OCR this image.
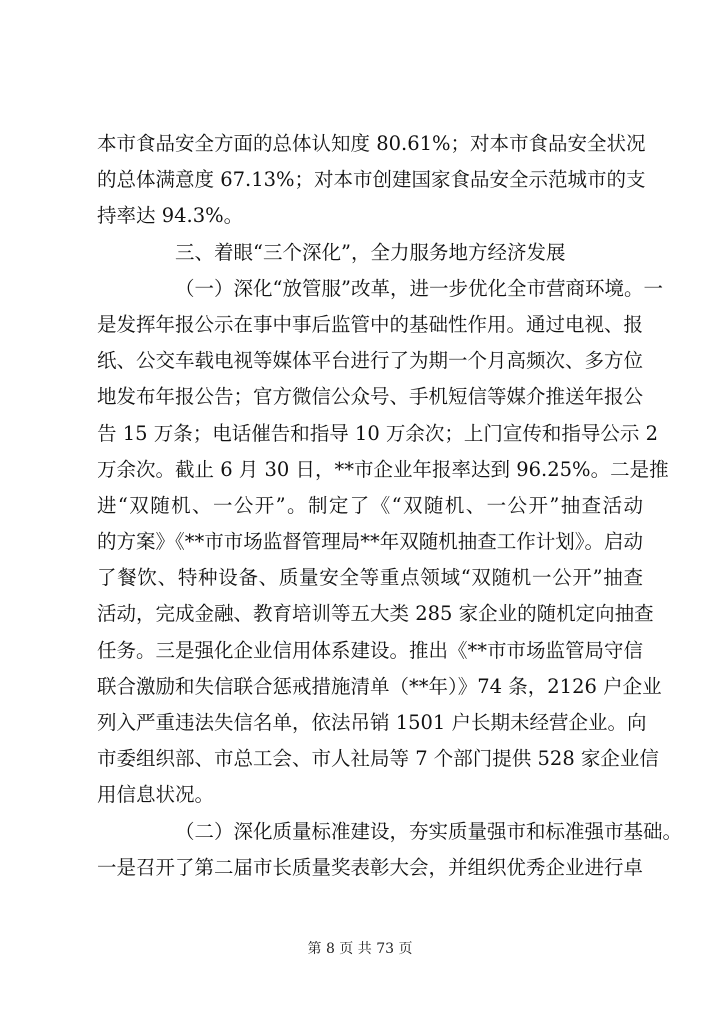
本市食品安全方面的总体认知度 80.61%；对本市食品安全状况
的总体满意度 67.13%；对本市创建国家食品安全示范城市的支
持率达 94.3%。
三、着眼“三个深化”，全力服务地方经济发展
（一）深化“放管服”改革，进一步优化全市营商环境。一
是发挥年报公示在事中事后监管中的基础性作用。通过电视、报
纸、公交车载电视等媒体平台进行了为期一个月高频次、多方位
地发布年报公告；官方微信公众号、手机短信等媒介推送年报公
告 15 万条；电话催告和指导 10 万余次；上门宣传和指导公示 2
万余次。截止 6 月 30 日，**市企业年报率达到 96.25%。二是推
进“双随机、一公开”。制定了《“双随机、一公开”抽查活动
的方案》《**市市场监督管理局**年双随机抽查工作计划》。启动
了餐饮、特种设备、质量安全等重点领域“双随机一公开”抽查
活动，完成金融、教育培训等五大类 285 家企业的随机定向抽查
任务。三是强化企业信用体系建设。推出《**市市场监管局守信
联合激励和失信联合惩戒措施清单（**年）》74 条，2126 户企业
列入严重违法失信名单，依法吊销 1501 户长期未经营企业。向
市委组织部、市总工会、市人社局等 7 个部门提供 528 家企业信
用信息状况。
（二）深化质量标准建设，夯实质量强市和标准强市基础。
一是召开了第二届市长质量奖表彰大会，并组织优秀企业进行卓
第 8 页 共 73 页
